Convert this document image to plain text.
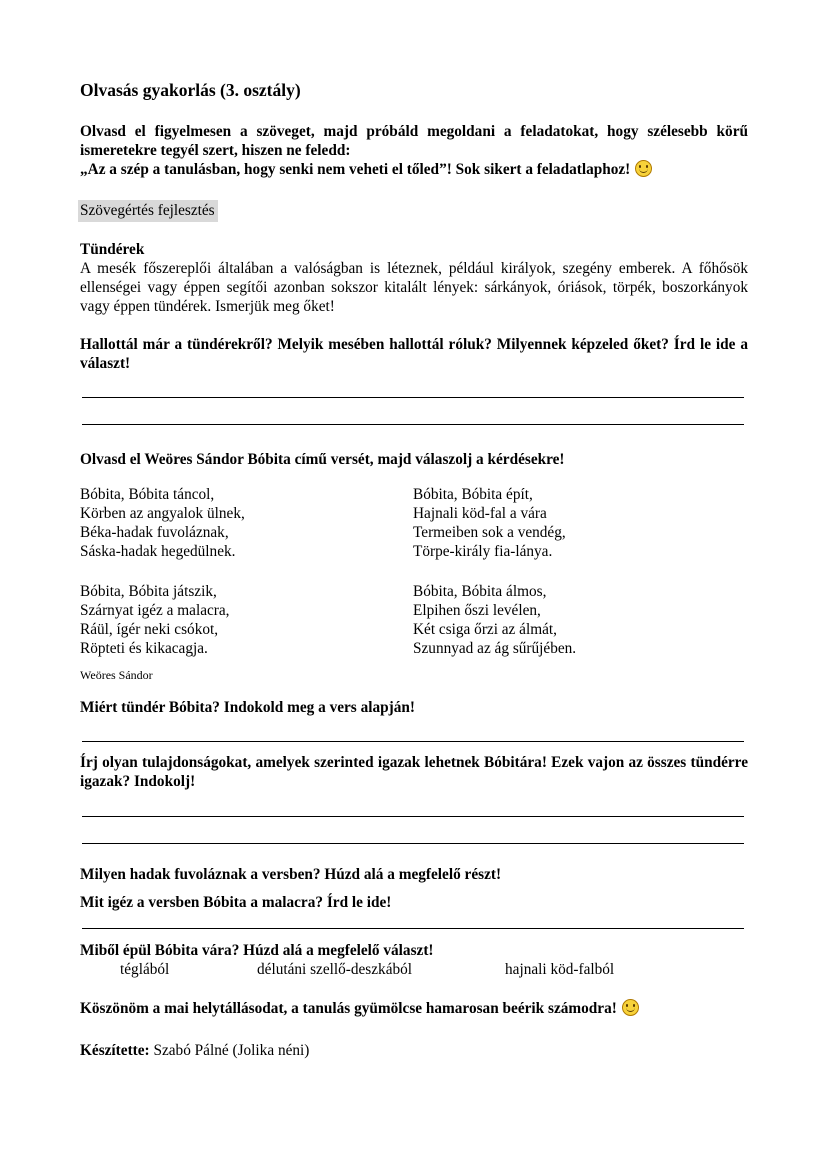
Olvasás gyakorlás (3. osztály)
Olvasd el figyelmesen a szöveget, majd próbáld megoldani a feladatokat, hogy szélesebb körű ismeretekre tegyél szert, hiszen ne feledd:
„Az a szép a tanulásban, hogy senki nem veheti el tőled”! Sok sikert a feladatlaphoz!
Szövegértés fejlesztés
Tündérek
A mesék főszereplői általában a valóságban is léteznek, például királyok, szegény emberek. A főhősök ellenségei vagy éppen segítői azonban sokszor kitalált lények: sárkányok, óriások, törpék, boszorkányok vagy éppen tündérek. Ismerjük meg őket!
Hallottál már a tündérekről? Melyik mesében hallottál róluk? Milyennek képzeled őket? Írd le ide a választ!
Olvasd el Weöres Sándor Bóbita című versét, majd válaszolj a kérdésekre!
Bóbita, Bóbita táncol,
Körben az angyalok ülnek,
Béka-hadak fuvoláznak,
Sáska-hadak hegedülnek.
Bóbita, Bóbita épít,
Hajnali köd-fal a vára
Termeiben sok a vendég,
Törpe-király fia-lánya.
Bóbita, Bóbita játszik,
Szárnyat igéz a malacra,
Ráül, ígér neki csókot,
Röpteti és kikacagja.
Bóbita, Bóbita álmos,
Elpihen őszi levélen,
Két csiga őrzi az álmát,
Szunnyad az ág sűrűjében.
Weöres Sándor
Miért tündér Bóbita? Indokold meg a vers alapján!
Írj olyan tulajdonságokat, amelyek szerinted igazak lehetnek Bóbitára! Ezek vajon az összes tündérre igazak? Indokolj!
Milyen hadak fuvoláznak a versben? Húzd alá a megfelelő részt!
Mit igéz a versben Bóbita a malacra? Írd le ide!
Miből épül Bóbita vára? Húzd alá a megfelelő választ!
téglából	délutáni szellő-deszkából	hajnali köd-falból
Köszönöm a mai helytállásodat, a tanulás gyümölcse hamarosan beérik számodra!
Készítette: Szabó Pálné (Jolika néni)
